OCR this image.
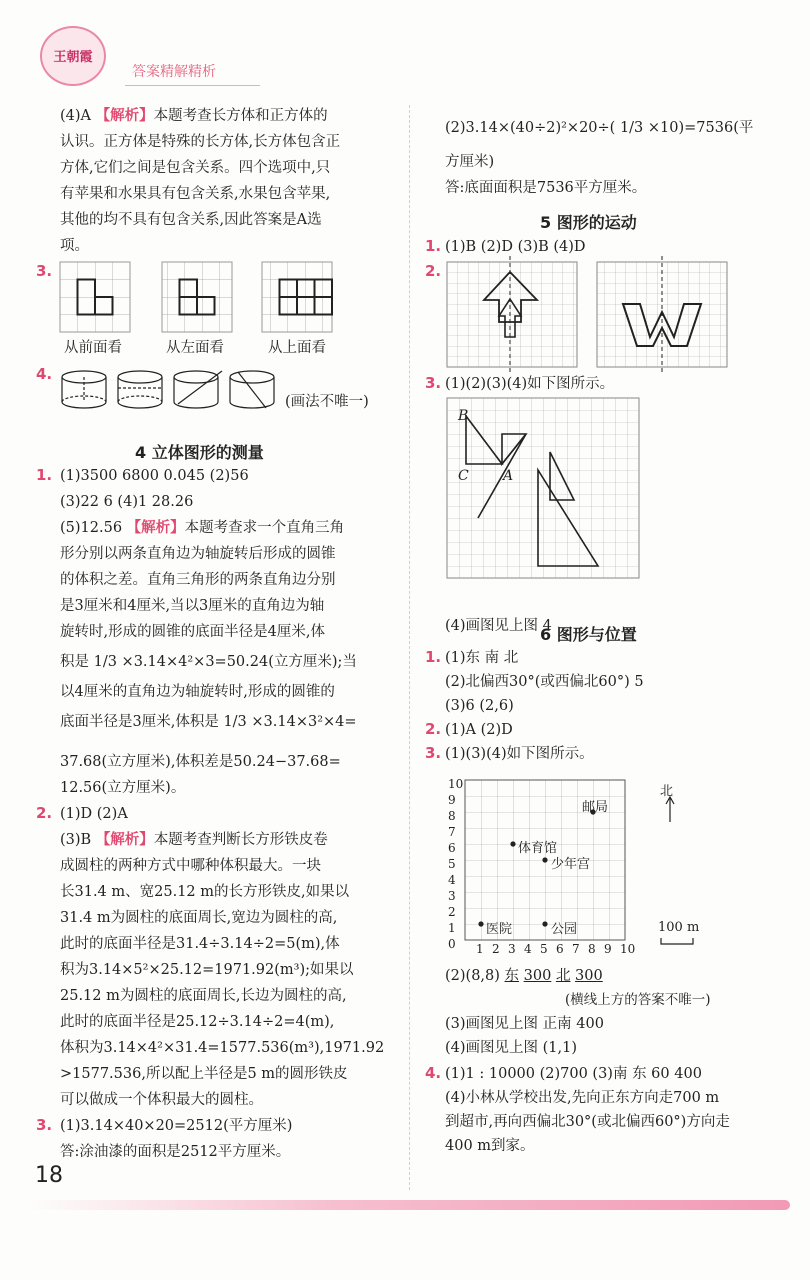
王朝霞
答案精解精析
(4)A 【解析】本题考查长方体和正方体的
认识。正方体是特殊的长方体,长方体包含正
方体,它们之间是包含关系。四个选项中,只
有苹果和水果具有包含关系,水果包含苹果,
其他的均不具有包含关系,因此答案是A选
项。
3.
从前面看	从左面看	从上面看
4.
(画法不唯一)
4 立体图形的测量
1. (1)3500 6800 0.045 (2)56
(3)22 6 (4)1 28.26
(5)12.56 【解析】本题考查求一个直角三角
形分别以两条直角边为轴旋转后形成的圆锥
的体积之差。直角三角形的两条直角边分别
是3厘米和4厘米,当以3厘米的直角边为轴
旋转时,形成的圆锥的底面半径是4厘米,体
积是 1/3 ×3.14×4²×3=50.24(立方厘米);当
以4厘米的直角边为轴旋转时,形成的圆锥的
底面半径是3厘米,体积是 1/3 ×3.14×3²×4=
37.68(立方厘米),体积差是50.24−37.68=
12.56(立方厘米)。
2. (1)D (2)A
(3)B 【解析】本题考查判断长方形铁皮卷
成圆柱的两种方式中哪种体积最大。一块
长31.4 m、宽25.12 m的长方形铁皮,如果以
31.4 m为圆柱的底面周长,宽边为圆柱的高,
此时的底面半径是31.4÷3.14÷2=5(m),体
积为3.14×5²×25.12=1971.92(m³);如果以
25.12 m为圆柱的底面周长,长边为圆柱的高,
此时的底面半径是25.12÷3.14÷2=4(m),
体积为3.14×4²×31.4=1577.536(m³),1971.92
>1577.536,所以配上半径是5 m的圆形铁皮
可以做成一个体积最大的圆柱。
3. (1)3.14×40×20=2512(平方厘米)
答:涂油漆的面积是2512平方厘米。
(2)3.14×(40÷2)²×20÷( 1/3 ×10)=7536(平
方厘米)
答:底面面积是7536平方厘米。
5 图形的运动
1. (1)B (2)D (3)B (4)D
2.
3. (1)(2)(3)(4)如下图所示。
B
C A
(4)画图见上图 4
6 图形与位置
1. (1)东 南 北
(2)北偏西30°(或西偏北60°) 5
(3)6 (2,6)
2. (1)A (2)D
3. (1)(3)(4)如下图所示。
10
9
8
7
6
5
4
3
2
1
0	1 2 3 4 5 6 7 8 9 10
邮局
体育馆
少年宫
医院	公园
北
100 m
(2)(8,8) 东 300 北 300
(横线上方的答案不唯一)
(3)画图见上图 正南 400
(4)画图见上图 (1,1)
4. (1)1 : 10000 (2)700 (3)南 东 60 400
(4)小林从学校出发,先向正东方向走700 m
到超市,再向西偏北30°(或北偏西60°)方向走
400 m到家。
18
